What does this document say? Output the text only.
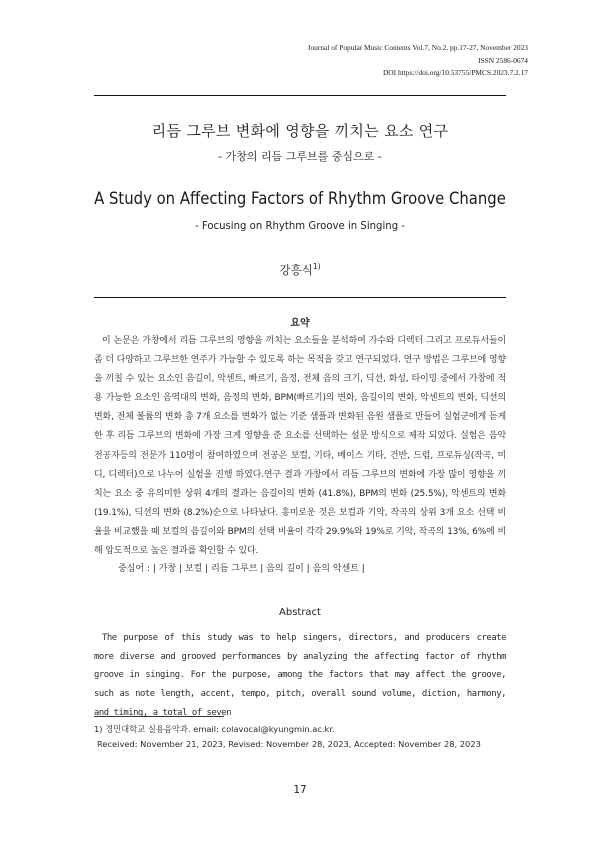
Journal of Popular Music Contents Vol.7, No.2, pp.17-27, November 2023
ISSN 2586-0674
DOI https://doi.org/10.53755/PMCS.2023.7.2.17
리듬 그루브 변화에 영향을 끼치는 요소 연구
- 가창의 리듬 그루브를 중심으로 -
A Study on Affecting Factors of Rhythm Groove Change
- Focusing on Rhythm Groove in Singing -
강흥식$^{1)}$
요약

이 논문은 가창에서 리듬 그루브의 영향을 끼치는 요소들을 분석하여 가수와 디렉터 그리고 프로듀서들이 좀 더 다양하고 그루브한 연주가 가능할 수 있도록 하는 목적을 갖고 연구되었다. 연구 방법은 그루브에 영향을 끼칠 수 있는 요소인 음길이, 악센트, 빠르기, 음정, 전체 음의 크기, 딕션, 화성, 타이밍 중에서 가창에 적용 가능한 요소인 음역대의 변화, 음정의 변화, BPM(빠르기)의 변화, 음길이의 변화, 악센트의 변화, 딕션의 변화, 전체 볼륨의 변화 총 7개 요소를 변화가 없는 기준 샘플과 변화된 음원 샘플로 만들어 실험군에게 듣게 한 후 리듬 그루브의 변화에 가장 크게 영향을 준 요소를 선택하는 설문 방식으로 제작 되었다. 실험은 음악 전공자등의 전문가 110명이 참여하였으며 전공은 보컬, 기타, 베이스 기타, 건반, 드럼, 프로듀싱(작곡, 미디, 디렉터)으로 나누어 실험을 진행 하였다.연구 결과 가창에서 리듬 그루브의 변화에 가장 많이 영향을 끼치는 요소 중 유의미한 상위 4개의 결과는 음길이의 변화 (41.8%), BPM의 변화 (25.5%), 악센트의 변화 (19.1%), 딕션의 변화 (8.2%)순으로 나타났다. 흥미로운 것은 보컬과 기악, 작곡의 상위 3개 요소 선택 비율을 비교했을 때 보컬의 음길이와 BPM의 선택 비율이 각각 29.9%와 19%로 기악, 작곡의 13%, 6%에 비해 압도적으로 높은 결과를 확인할 수 있다.

중심어 : | 가창 | 보컬 | 리듬 그루브 | 음의 길이 | 음의 악센트 |
Abstract

The purpose of this study was to help singers, directors, and producers create more diverse and grooved performances by analyzing the affecting factor of rhythm groove in singing. For the purpose, among the factors that may affect the groove, such as note length, accent, tempo, pitch, overall sound volume, diction, harmony, and timing, a total of seven

1) 경민대학교 실용음악과. email: colavocal@kyungmin.ac.kr.
Received: November 21, 2023, Revised: November 28, 2023, Accepted: November 28, 2023
17
